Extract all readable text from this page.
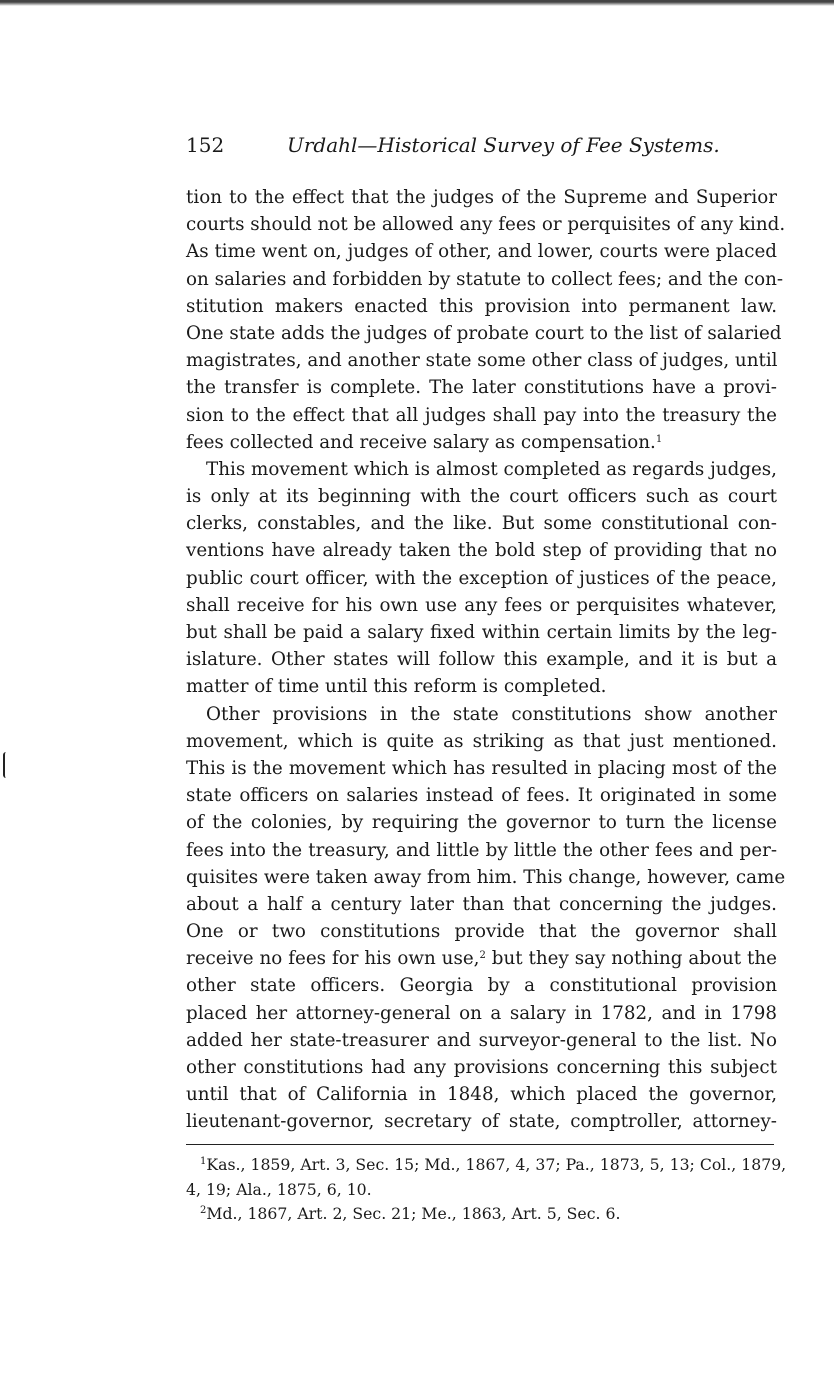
152	Urdahl—Historical Survey of Fee Systems.
tion to the effect that the judges of the Supreme and Superior
courts should not be allowed any fees or perquisites of any kind.
As time went on, judges of other, and lower, courts were placed
on salaries and forbidden by statute to collect fees; and the con-
stitution makers enacted this provision into permanent law.
One state adds the judges of probate court to the list of salaried
magistrates, and another state some other class of judges, until
the transfer is complete. The later constitutions have a provi-
sion to the effect that all judges shall pay into the treasury the
fees collected and receive salary as compensation.$^1$
This movement which is almost completed as regards judges,
is only at its beginning with the court officers such as court
clerks, constables, and the like. But some constitutional con-
ventions have already taken the bold step of providing that no
public court officer, with the exception of justices of the peace,
shall receive for his own use any fees or perquisites whatever,
but shall be paid a salary fixed within certain limits by the leg-
islature. Other states will follow this example, and it is but a
matter of time until this reform is completed.
Other provisions in the state constitutions show another
movement, which is quite as striking as that just mentioned.
This is the movement which has resulted in placing most of the
state officers on salaries instead of fees. It originated in some
of the colonies, by requiring the governor to turn the license
fees into the treasury, and little by little the other fees and per-
quisites were taken away from him. This change, however, came
about a half a century later than that concerning the judges.
One or two constitutions provide that the governor shall
receive no fees for his own use,$^2$ but they say nothing about the
other state officers. Georgia by a constitutional provision
placed her attorney-general on a salary in 1782, and in 1798
added her state-treasurer and surveyor-general to the list. No
other constitutions had any provisions concerning this subject
until that of California in 1848, which placed the governor,
lieutenant-governor, secretary of state, comptroller, attorney-
$^1$Kas., 1859, Art. 3, Sec. 15; Md., 1867, 4, 37; Pa., 1873, 5, 13; Col., 1879,
4, 19; Ala., 1875, 6, 10.
$^2$Md., 1867, Art. 2, Sec. 21; Me., 1863, Art. 5, Sec. 6.
